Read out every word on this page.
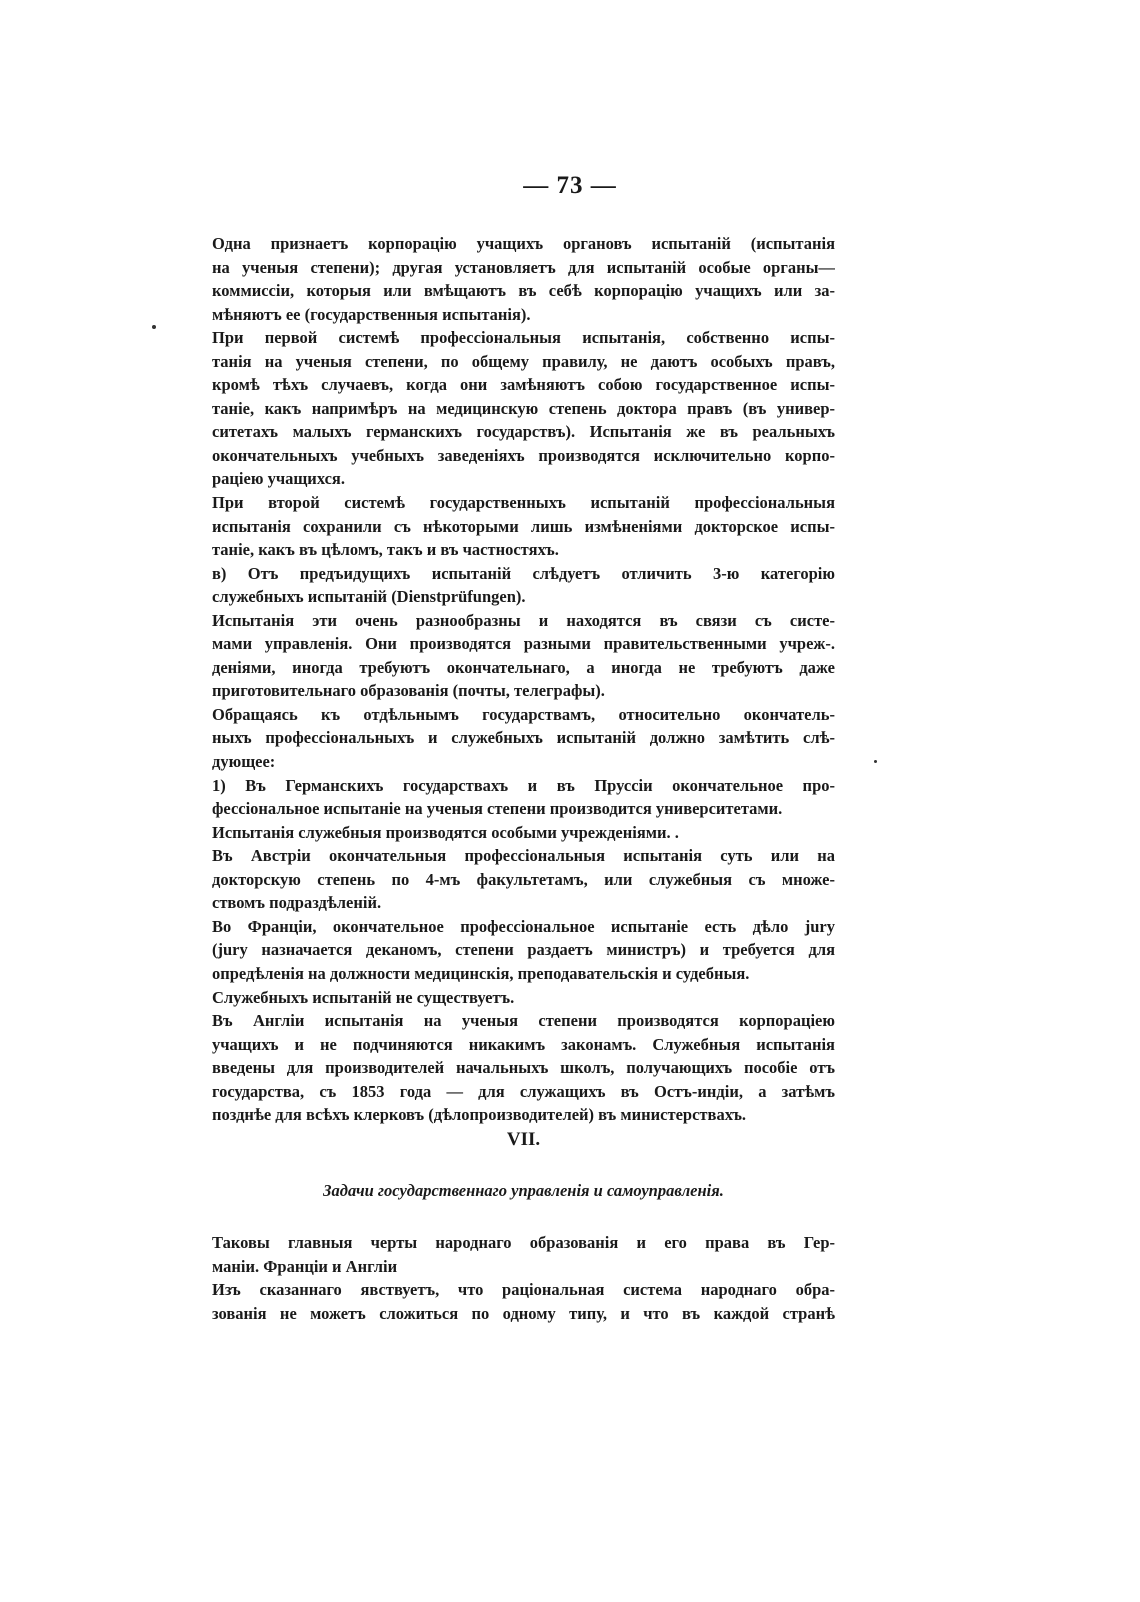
— 73 —
Одна признаетъ корпорацію учащихъ органовъ испытаній (испытанія
на ученыя степени); другая установляетъ для испытаній особые органы—
коммиссіи, которыя или вмѣщаютъ въ себѣ корпорацію учащихъ или за-
мѣняютъ ее (государственныя испытанія).
При первой системѣ профессіональныя испытанія, собственно испы-
танія на ученыя степени, по общему правилу, не даютъ особыхъ правъ,
кромѣ тѣхъ случаевъ, когда они замѣняютъ собою государственное испы-
таніе, какъ напримѣръ на медицинскую степень доктора правъ (въ универ-
ситетахъ малыхъ германскихъ государствъ). Испытанія же въ реальныхъ
окончательныхъ учебныхъ заведеніяхъ производятся исключительно корпо-
раціею учащихся.
При второй системѣ государственныхъ испытаній профессіональныя
испытанія сохранили съ нѣкоторыми лишь измѣненіями докторское испы-
таніе, какъ въ цѣломъ, такъ и въ частностяхъ.
в) Отъ предъидущихъ испытаній слѣдуетъ отличить 3-ю категорію
служебныхъ испытаній (Dienstprüfungen).
Испытанія эти очень разнообразны и находятся въ связи съ систе-
мами управленія. Они производятся разными правительственными учреж-.
деніями, иногда требуютъ окончательнаго, а иногда не требуютъ даже
приготовительнаго образованія (почты, телеграфы).
Обращаясь къ отдѣльнымъ государствамъ, относительно окончатель-
ныхъ профессіональныхъ и служебныхъ испытаній должно замѣтить слѣ-
дующее:
1) Въ Германскихъ государствахъ и въ Пруссіи окончательное про-
фессіональное испытаніе на ученыя степени производится университетами.
Испытанія служебныя производятся особыми учрежденіями. .
Въ Австріи окончательныя профессіональныя испытанія суть или на
докторскую степень по 4-мъ факультетамъ, или служебныя съ множе-
ствомъ подраздѣленій.
Во Франціи, окончательное профессіональное испытаніе есть дѣло jury
(jury назначается деканомъ, степени раздаетъ министръ) и требуется для
опредѣленія на должности медицинскія, преподавательскія и судебныя.
Служебныхъ испытаній не существуетъ.
Въ Англіи испытанія на ученыя степени производятся корпораціею
учащихъ и не подчиняются никакимъ законамъ. Служебныя испытанія
введены для производителей начальныхъ школъ, получающихъ пособіе отъ
государства, съ 1853 года — для служащихъ въ Остъ-индіи, а затѣмъ
позднѣе для всѣхъ клерковъ (дѣлопроизводителей) въ министерствахъ.
VII.
Задачи государственнаго управленія и самоуправленія.
Таковы главныя черты народнаго образованія и его права въ Гер-
маніи. Франціи и Англіи
Изъ сказаннаго явствуетъ, что раціональная система народнаго обра-
зованія не можетъ сложиться по одному типу, и что въ каждой странѣ
